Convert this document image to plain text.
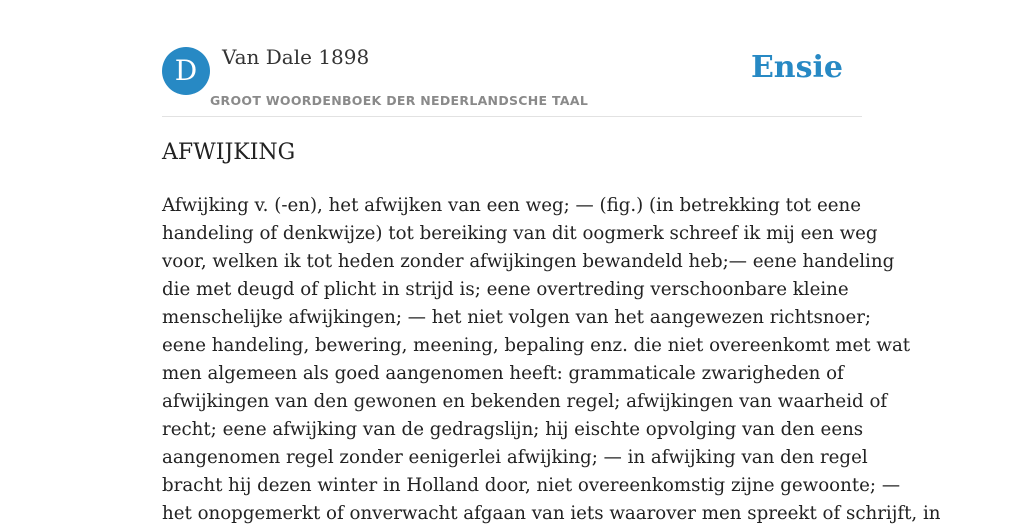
D	Van Dale 1898
GROOT WOORDENBOEK DER NEDERLANDSCHE TAAL
Ensie
AFWIJKING

Afwijking v. (-en), het afwijken van een weg; — (fig.) (in betrekking tot eene
handeling of denkwijze) tot bereiking van dit oogmerk schreef ik mij een weg
voor, welken ik tot heden zonder afwijkingen bewandeld heb;— eene handeling
die met deugd of plicht in strijd is; eene overtreding verschoonbare kleine
menschelijke afwijkingen; — het niet volgen van het aangewezen richtsnoer;
eene handeling, bewering, meening, bepaling enz. die niet overeenkomt met wat
men algemeen als goed aangenomen heeft: grammaticale zwarigheden of
afwijkingen van den gewonen en bekenden regel; afwijkingen van waarheid of
recht; eene afwijking van de gedragslijn; hij eischte opvolging van den eens
aangenomen regel zonder eenigerlei afwijking; — in afwijking van den regel
bracht hij dezen winter in Holland door, niet overeenkomstig zijne gewoonte; —
het onopgemerkt of onverwacht afgaan van iets waarover men spreekt of schrijft, in
